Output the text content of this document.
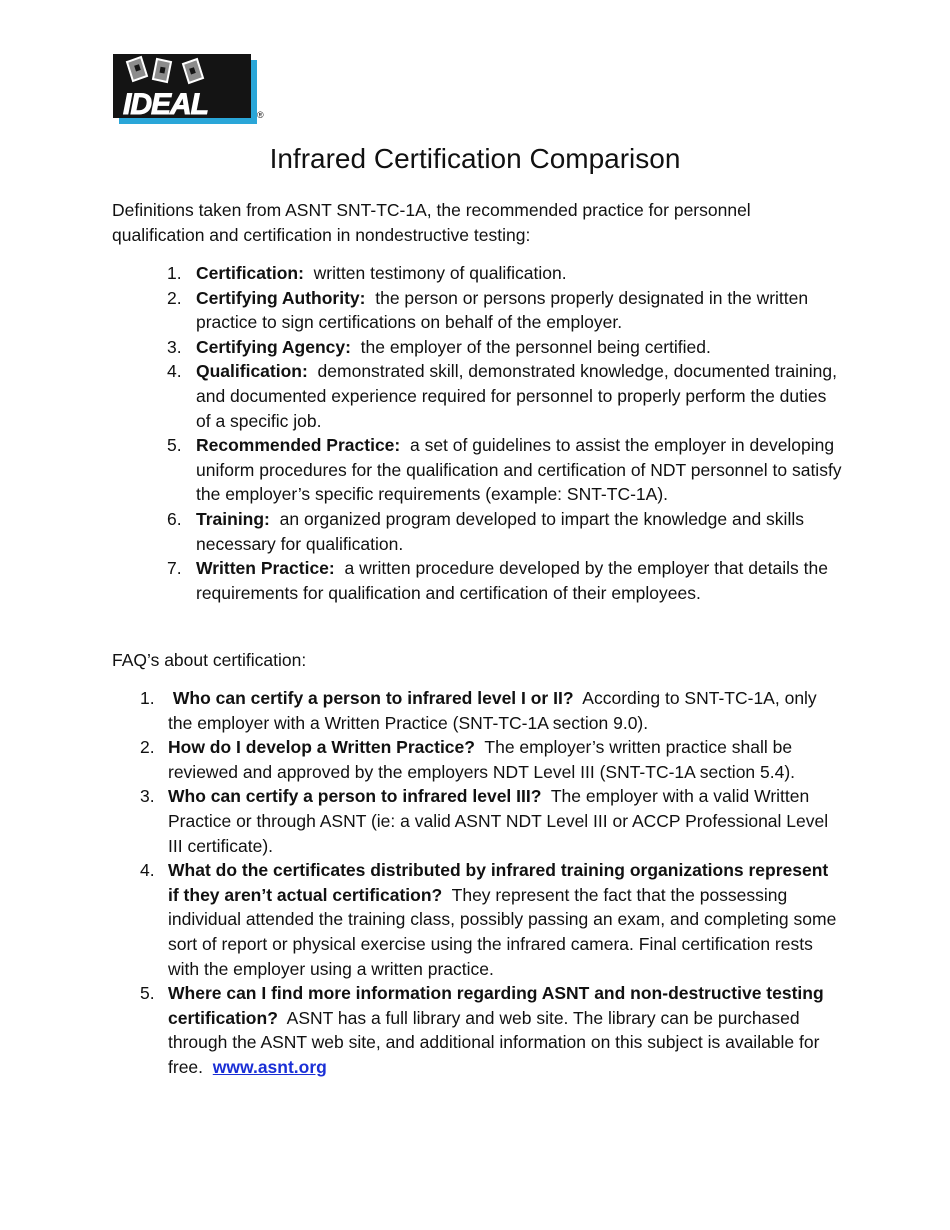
IDEAL	®
Infrared Certification Comparison

Definitions taken from ASNT SNT-TC-1A, the recommended practice for personnel qualification and certification in nondestructive testing:

1. Certification: written testimony of qualification.
2. Certifying Authority: the person or persons properly designated in the written practice to sign certifications on behalf of the employer.
3. Certifying Agency: the employer of the personnel being certified.
4. Qualification: demonstrated skill, demonstrated knowledge, documented training, and documented experience required for personnel to properly perform the duties of a specific job.
5. Recommended Practice: a set of guidelines to assist the employer in developing uniform procedures for the qualification and certification of NDT personnel to satisfy the employer’s specific requirements (example: SNT-TC-1A).
6. Training: an organized program developed to impart the knowledge and skills necessary for qualification.
7. Written Practice: a written procedure developed by the employer that details the requirements for qualification and certification of their employees.

FAQ’s about certification:

1. Who can certify a person to infrared level I or II? According to SNT-TC-1A, only the employer with a Written Practice (SNT-TC-1A section 9.0).
2. How do I develop a Written Practice? The employer’s written practice shall be reviewed and approved by the employers NDT Level III (SNT-TC-1A section 5.4).
3. Who can certify a person to infrared level III? The employer with a valid Written Practice or through ASNT (ie: a valid ASNT NDT Level III or ACCP Professional Level III certificate).
4. What do the certificates distributed by infrared training organizations represent if they aren’t actual certification? They represent the fact that the possessing individual attended the training class, possibly passing an exam, and completing some sort of report or physical exercise using the infrared camera. Final certification rests with the employer using a written practice.
5. Where can I find more information regarding ASNT and non-destructive testing certification? ASNT has a full library and web site. The library can be purchased through the ASNT web site, and additional information on this subject is available for free. www.asnt.org
